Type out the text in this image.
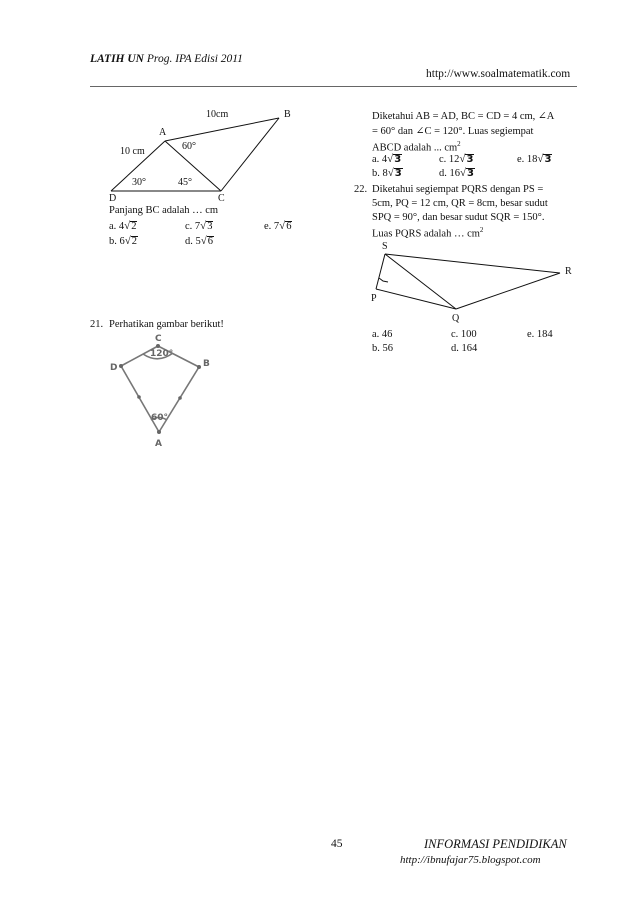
LATIH UN Prog. IPA Edisi 2011
http://www.soalmatematik.com
10cm	B
A
60°
10 cm
30°	45°
D	C
Panjang BC adalah … cm
a. 4√2	c. 7√3	e. 7√6
b. 6√2	d. 5√6
21. Perhatikan gambar berikut!
C
D	B
A
120°
60°
Diketahui AB = AD, BC = CD = 4 cm, ∠A
= 60° dan ∠C = 120°. Luas segiempat
ABCD adalah ... $cm^2$
a. 4√3	c. 12√3	e. 18√3
b. 8√3	d. 16√3
22. Diketahui segiempat PQRS dengan PS =
5cm, PQ = 12 cm, QR = 8cm, besar sudut
SPQ = 90°, dan besar sudut SQR = 150°.
Luas PQRS adalah … $cm^2$
S
R
P
Q
a. 46	c. 100	e. 184
b. 56	d. 164
45	INFORMASI PENDIDIKAN
http://ibnufajar75.blogspot.com
